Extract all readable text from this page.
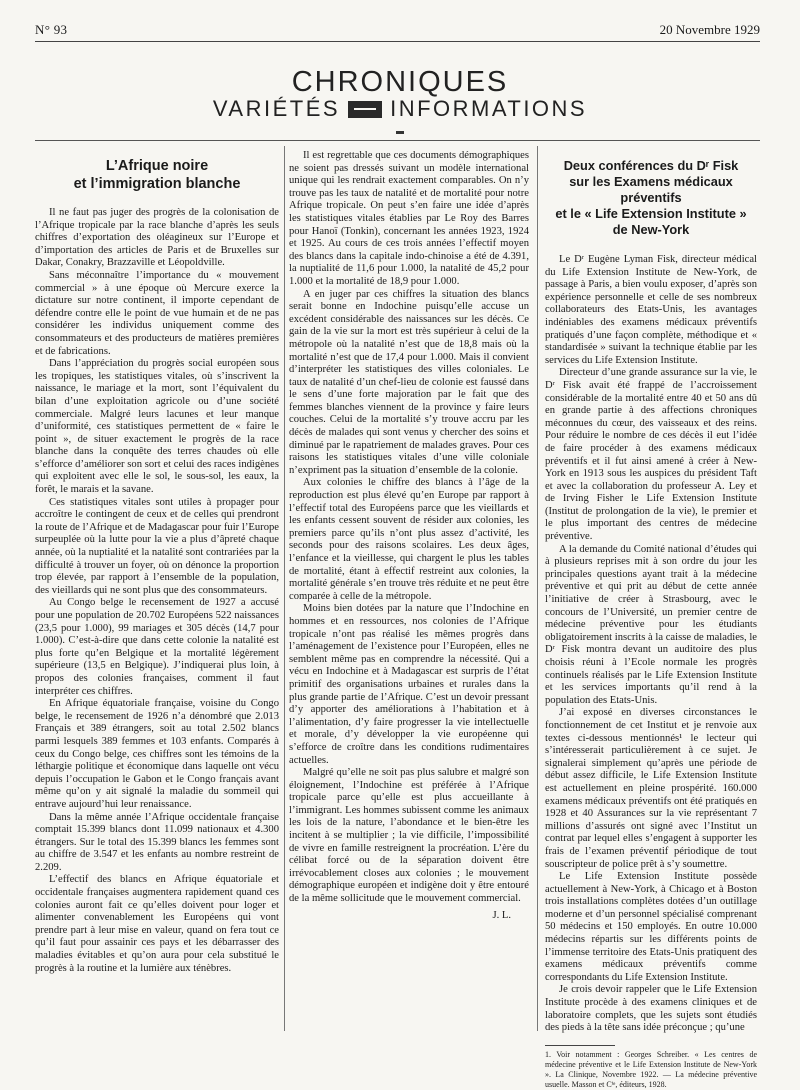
N° 93	20 Novembre 1929
CHRONIQUES
VARIÉTÉS INFORMATIONS
L’Afrique noire
et l’immigration blanche

Il ne faut pas juger des progrès de la colonisation de l’Afrique tropicale par la race blanche d’après les seuls chiffres d’exportation des oléagineux sur l’Europe et d’importation des articles de Paris et de Bruxelles sur Dakar, Conakry, Brazzaville et Léopoldville.

Sans méconnaître l’importance du « mouvement commercial » à une époque où Mercure exerce la dictature sur notre continent, il importe cependant de défendre contre elle le point de vue humain et de ne pas considérer les individus uniquement comme des consommateurs et des producteurs de matières premières et de fabrications.

Dans l’appréciation du progrès social européen sous les tropiques, les statistiques vitales, où s’inscrivent la naissance, le mariage et la mort, sont l’équivalent du bilan d’une exploitation agricole ou d’une société commerciale. Malgré leurs lacunes et leur manque d’uniformité, ces statistiques permettent de « faire le point », de situer exactement le progrès de la race blanche dans la conquête des terres chaudes où elle s’efforce d’améliorer son sort et celui des races indigènes qui exploitent avec elle le sol, le sous-sol, les eaux, la forêt, le marais et la savane.

Ces statistiques vitales sont utiles à propager pour accroître le contingent de ceux et de celles qui prendront la route de l’Afrique et de Madagascar pour fuir l’Europe surpeuplée où la lutte pour la vie a plus d’âpreté chaque année, où la nuptialité et la natalité sont contrariées par la difficulté à trouver un foyer, où on dénonce la proportion trop élevée, par rapport à l’ensemble de la population, des vieillards qui ne sont plus que des consommateurs.

Au Congo belge le recensement de 1927 a accusé pour une population de 20.702 Européens 522 naissances (23,5 pour 1.000), 99 mariages et 305 décès (14,7 pour 1.000). C’est-à-dire que dans cette colonie la natalité est plus forte qu’en Belgique et la mortalité légèrement supérieure (13,5 en Belgique). J’indiquerai plus loin, à propos des colonies françaises, comment il faut interpréter ces chiffres.

En Afrique équatoriale française, voisine du Congo belge, le recensement de 1926 n’a dénombré que 2.013 Français et 389 étrangers, soit au total 2.502 blancs parmi lesquels 389 femmes et 103 enfants. Comparés à ceux du Congo belge, ces chiffres sont les témoins de la léthargie politique et économique dans laquelle ont vécu depuis l’occupation le Gabon et le Congo français avant même qu’on y ait signalé la maladie du sommeil qui entrave aujourd’hui leur renaissance.

Dans la même année l’Afrique occidentale française comptait 15.399 blancs dont 11.099 nationaux et 4.300 étrangers. Sur le total des 15.399 blancs les femmes sont au chiffre de 3.547 et les enfants au nombre restreint de 2.209.

L’effectif des blancs en Afrique équatoriale et occidentale françaises augmentera rapidement quand ces colonies auront fait ce qu’elles doivent pour loger et alimenter convenablement les Européens qui vont prendre part à leur mise en valeur, quand on fera tout ce qu’il faut pour assainir ces pays et les débarrasser des maladies évitables et qu’on aura pour cela substitué le progrès à la routine et la lumière aux ténèbres.

Il est regrettable que ces documents démographiques ne soient pas dressés suivant un modèle international unique qui les rendrait exactement comparables. On n’y trouve pas les taux de natalité et de mortalité pour notre Afrique tropicale. On peut s’en faire une idée d’après les statistiques vitales établies par Le Roy des Barres pour Hanoï (Tonkin), concernant les années 1923, 1924 et 1925. Au cours de ces trois années l’effectif moyen des blancs dans la capitale indo-chinoise a été de 4.391, la nuptialité de 11,6 pour 1.000, la natalité de 45,2 pour 1.000 et la mortalité de 18,9 pour 1.000.

A en juger par ces chiffres la situation des blancs serait bonne en Indochine puisqu’elle accuse un excédent considérable des naissances sur les décès. Ce gain de la vie sur la mort est très supérieur à celui de la métropole où la natalité n’est que de 18,8 mais où la mortalité n’est que de 17,4 pour 1.000. Mais il convient d’interpréter les statistiques des villes coloniales. Le taux de natalité d’un chef-lieu de colonie est faussé dans le sens d’une forte majoration par le fait que des femmes blanches viennent de la province y faire leurs couches. Celui de la mortalité s’y trouve accru par les décès de malades qui sont venus y chercher des soins et diminué par le rapatriement de malades graves. Pour ces raisons les statistiques vitales d’une ville coloniale n’expriment pas la situation d’ensemble de la colonie.

Aux colonies le chiffre des blancs à l’âge de la reproduction est plus élevé qu’en Europe par rapport à l’effectif total des Européens parce que les vieillards et les enfants cessent souvent de résider aux colonies, les premiers parce qu’ils n’ont plus assez d’activité, les seconds pour des raisons scolaires. Les deux âges, l’enfance et la vieillesse, qui chargent le plus les tables de mortalité, étant à effectif restreint aux colonies, la mortalité générale s’en trouve très réduite et ne peut être comparée à celle de la métropole.

Moins bien dotées par la nature que l’Indochine en hommes et en ressources, nos colonies de l’Afrique tropicale n’ont pas réalisé les mêmes progrès dans l’aménagement de l’existence pour l’Européen, elles ne semblent même pas en comprendre la nécessité. Qui a vécu en Indochine et à Madagascar est surpris de l’état primitif des organisations urbaines et rurales dans la plus grande partie de l’Afrique. C’est un devoir pressant d’y apporter des améliorations à l’habitation et à l’alimentation, d’y faire progresser la vie intellectuelle et morale, d’y développer la vie européenne qui s’efforce de croître dans les conditions rudimentaires actuelles.

Malgré qu’elle ne soit pas plus salubre et malgré son éloignement, l’Indochine est préférée à l’Afrique tropicale parce qu’elle est plus accueillante à l’immigrant. Les hommes subissent comme les animaux les lois de la nature, l’abondance et le bien-être les incitent à se multiplier ; la vie difficile, l’impossibilité de vivre en famille restreignent la procréation. L’ère du célibat forcé ou de la séparation doivent être irrévocablement closes aux colonies ; le mouvement démographique européen et indigène doit y être entouré de la même sollicitude que le mouvement commercial.

J. L.

Deux conférences du Dʳ Fisk
sur les Examens médicaux préventifs
et le « Life Extension Institute »
de New-York

Le Dʳ Eugène Lyman Fisk, directeur médical du Life Extension Institute de New-York, de passage à Paris, a bien voulu exposer, d’après son expérience personnelle et celle de ses nombreux collaborateurs des Etats-Unis, les avantages indéniables des examens médicaux préventifs pratiqués d’une façon complète, méthodique et « standardisée » suivant la technique établie par les services du Life Extension Institute.

Directeur d’une grande assurance sur la vie, le Dʳ Fisk avait été frappé de l’accroissement considérable de la mortalité entre 40 et 50 ans dû en grande partie à des affections chroniques méconnues du cœur, des vaisseaux et des reins. Pour réduire le nombre de ces décès il eut l’idée de faire procéder à des examens médicaux préventifs et il fut ainsi amené à créer à New-York en 1913 sous les auspices du président Taft et avec la collaboration du professeur A. Ley et de Irving Fisher le Life Extension Institute (Institut de prolongation de la vie), le premier et le plus important des centres de médecine préventive.

A la demande du Comité national d’études qui à plusieurs reprises mit à son ordre du jour les principales questions ayant trait à la médecine préventive et qui prit au début de cette année l’initiative de créer à Strasbourg, avec le concours de l’Université, un premier centre de médecine préventive pour les étudiants obligatoirement inscrits à la caisse de maladies, le Dʳ Fisk montra devant un auditoire des plus choisis réuni à l’Ecole normale les progrès continuels réalisés par le Life Extension Institute et les services importants qu’il rend à la population des Etats-Unis.

J’ai exposé en diverses circonstances le fonctionnement de cet Institut et je renvoie aux textes ci-dessous mentionnés¹ le lecteur qui s’intéresserait particulièrement à ce sujet. Je signalerai simplement qu’après une période de début assez difficile, le Life Extension Institute est actuellement en pleine prospérité. 160.000 examens médicaux préventifs ont été pratiqués en 1928 et 40 Assurances sur la vie représentant 7 millions d’assurés ont signé avec l’Institut un contrat par lequel elles s’engagent à supporter les frais de l’examen préventif périodique de tout souscripteur de police prêt à s’y soumettre.

Le Life Extension Institute possède actuellement à New-York, à Chicago et à Boston trois installations complètes dotées d’un outillage moderne et d’un personnel spécialisé comprenant 50 médecins et 150 employés. En outre 10.000 médecins répartis sur les différents points de l’immense territoire des Etats-Unis pratiquent des examens médicaux préventifs comme correspondants du Life Extension Institute.

Je crois devoir rappeler que le Life Extension Institute procède à des examens cliniques et de laboratoire complets, que les sujets sont étudiés des pieds à la tête sans idée préconçue ; qu’une

1. Voir notamment : Georges Schreiber. « Les centres de médecine préventive et le Life Extension Institute de New-York ». La Clinique, Novembre 1922. — La médecine préventive usuelle. Masson et Cⁱᵉ, éditeurs, 1928.
